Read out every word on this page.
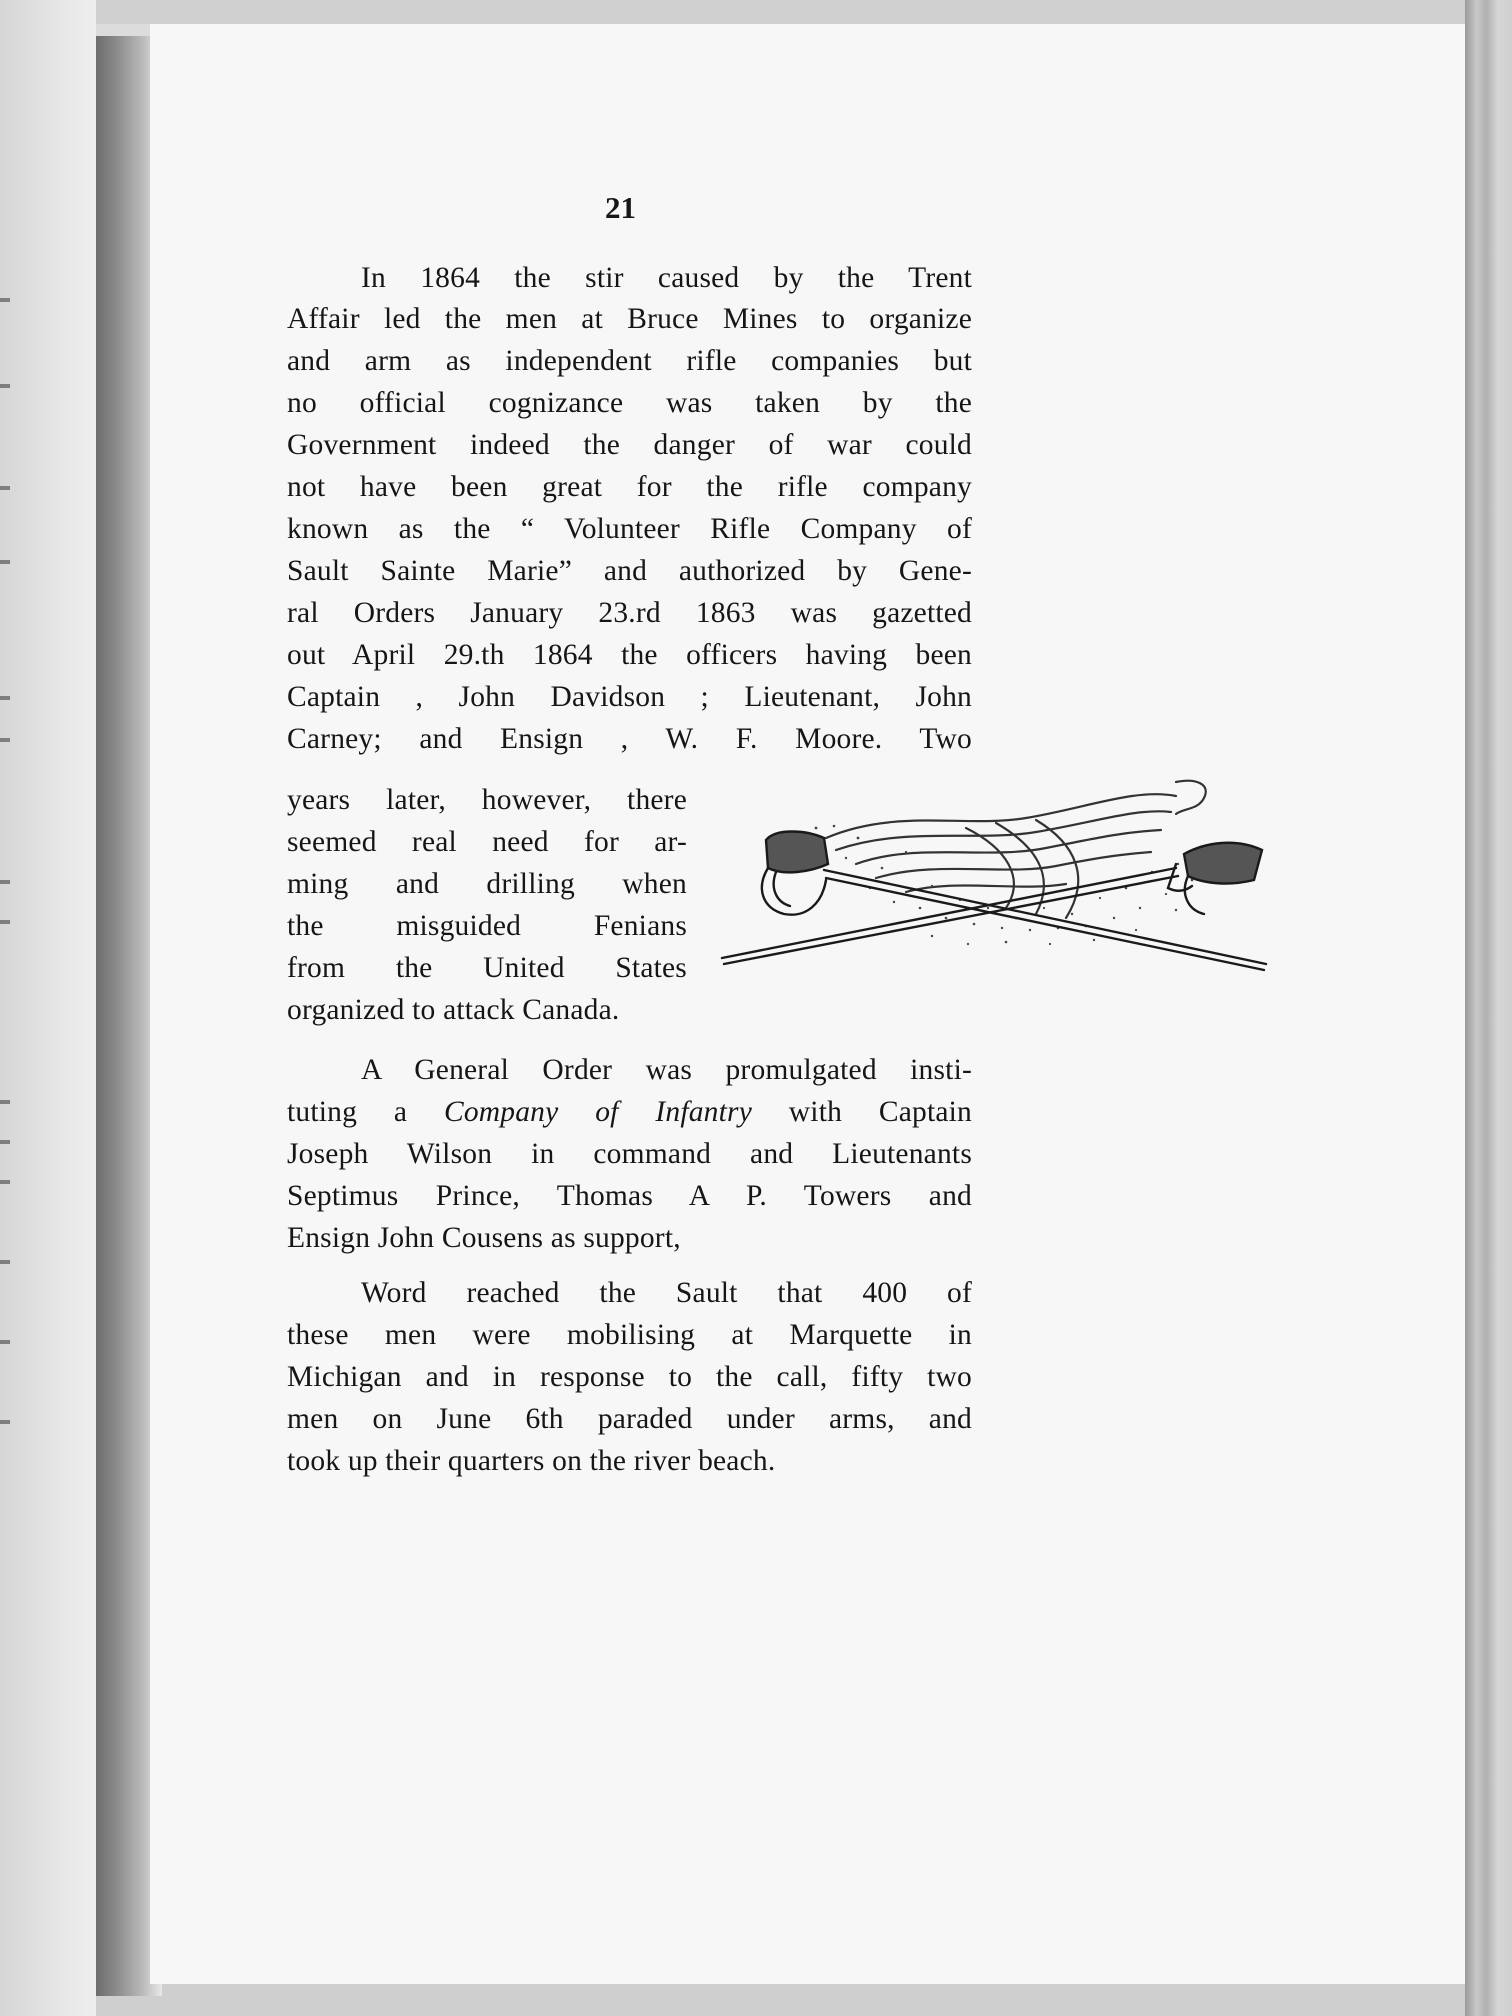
21
In 1864 the stir caused by the Trent
Affair led the men at Bruce Mines to organize
and arm as independent rifle companies but
no official cognizance was taken by the
Government indeed the danger of war could
not have been great for the rifle company
known as the “ Volunteer Rifle Company of
Sault Sainte Marie” and authorized by Gene-
ral Orders January 23.rd 1863 was gazetted
out April 29.th 1864 the officers having been
Captain , John Davidson ; Lieutenant, John
Carney; and Ensign , W. F. Moore. Two
years later, however, there
seemed real need for ar-
ming and drilling when
the misguided Fenians
from the United States
organized to attack Canada.
A General Order was promulgated insti-
tuting a Company of Infantry with Captain
Joseph Wilson in command and Lieutenants
Septimus Prince, Thomas A P. Towers and
Ensign John Cousens as support,
Word reached the Sault that 400 of
these men were mobilising at Marquette in
Michigan and in response to the call, fifty two
men on June 6th paraded under arms, and
took up their quarters on the river beach.
